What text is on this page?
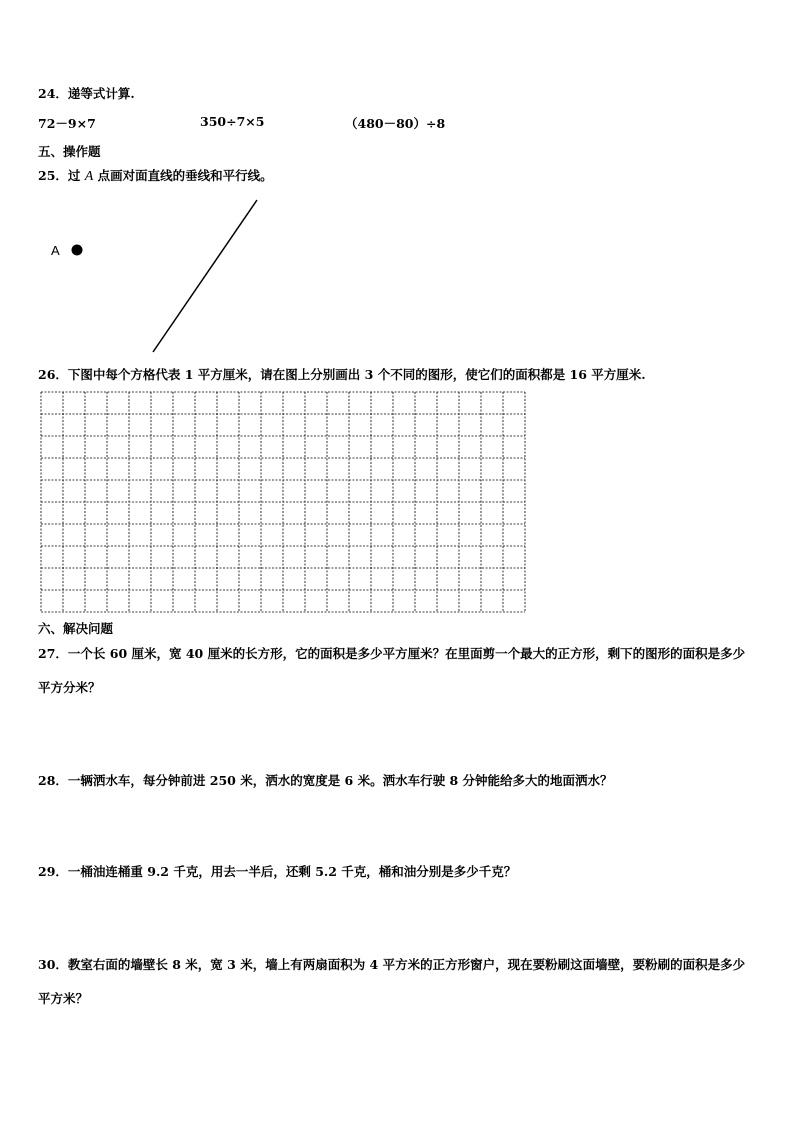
24．递等式计算.
72－9×7	350÷7×5	（480－80）÷8
五、操作题
25．过 A 点画对面直线的垂线和平行线。
A
26．下图中每个方格代表 1 平方厘米，请在图上分别画出 3 个不同的图形，使它们的面积都是 16 平方厘米.
六、解决问题
27．一个长 60 厘米，宽 40 厘米的长方形，它的面积是多少平方厘米？在里面剪一个最大的正方形，剩下的图形的面积是多少平方分米？
28．一辆洒水车，每分钟前进 250 米，洒水的宽度是 6 米。洒水车行驶 8 分钟能给多大的地面洒水？
29．一桶油连桶重 9.2 千克，用去一半后，还剩 5.2 千克，桶和油分别是多少千克？
30．教室右面的墙壁长 8 米，宽 3 米，墙上有两扇面积为 4 平方米的正方形窗户，现在要粉刷这面墙壁，要粉刷的面积是多少平方米？
